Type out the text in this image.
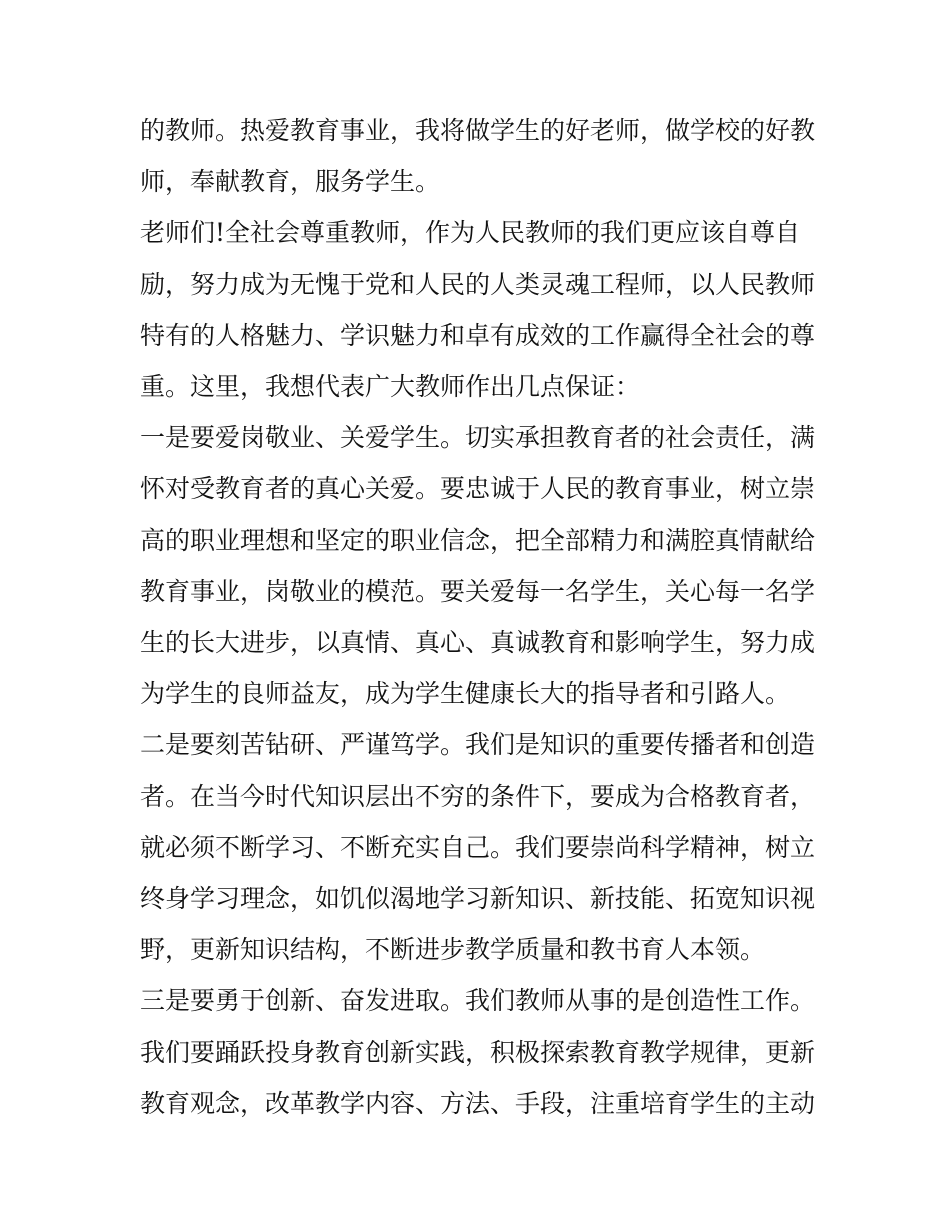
的教师。热爱教育事业，我将做学生的好老师，做学校的好教师，奉献教育，服务学生。

老师们!全社会尊重教师，作为人民教师的我们更应该自尊自励，努力成为无愧于党和人民的人类灵魂工程师，以人民教师特有的人格魅力、学识魅力和卓有成效的工作赢得全社会的尊重。这里，我想代表广大教师作出几点保证：

一是要爱岗敬业、关爱学生。切实承担教育者的社会责任，满怀对受教育者的真心关爱。要忠诚于人民的教育事业，树立崇高的职业理想和坚定的职业信念，把全部精力和满腔真情献给教育事业，岗敬业的模范。要关爱每一名学生，关心每一名学生的长大进步，以真情、真心、真诚教育和影响学生，努力成为学生的良师益友，成为学生健康长大的指导者和引路人。

二是要刻苦钻研、严谨笃学。我们是知识的重要传播者和创造者。在当今时代知识层出不穷的条件下，要成为合格教育者，就必须不断学习、不断充实自己。我们要崇尚科学精神，树立终身学习理念，如饥似渴地学习新知识、新技能、拓宽知识视野，更新知识结构，不断进步教学质量和教书育人本领。

三是要勇于创新、奋发进取。我们教师从事的是创造性工作。我们要踊跃投身教育创新实践，积极探索教育教学规律，更新教育观念，改革教学内容、方法、手段，注重培育学生的主动
